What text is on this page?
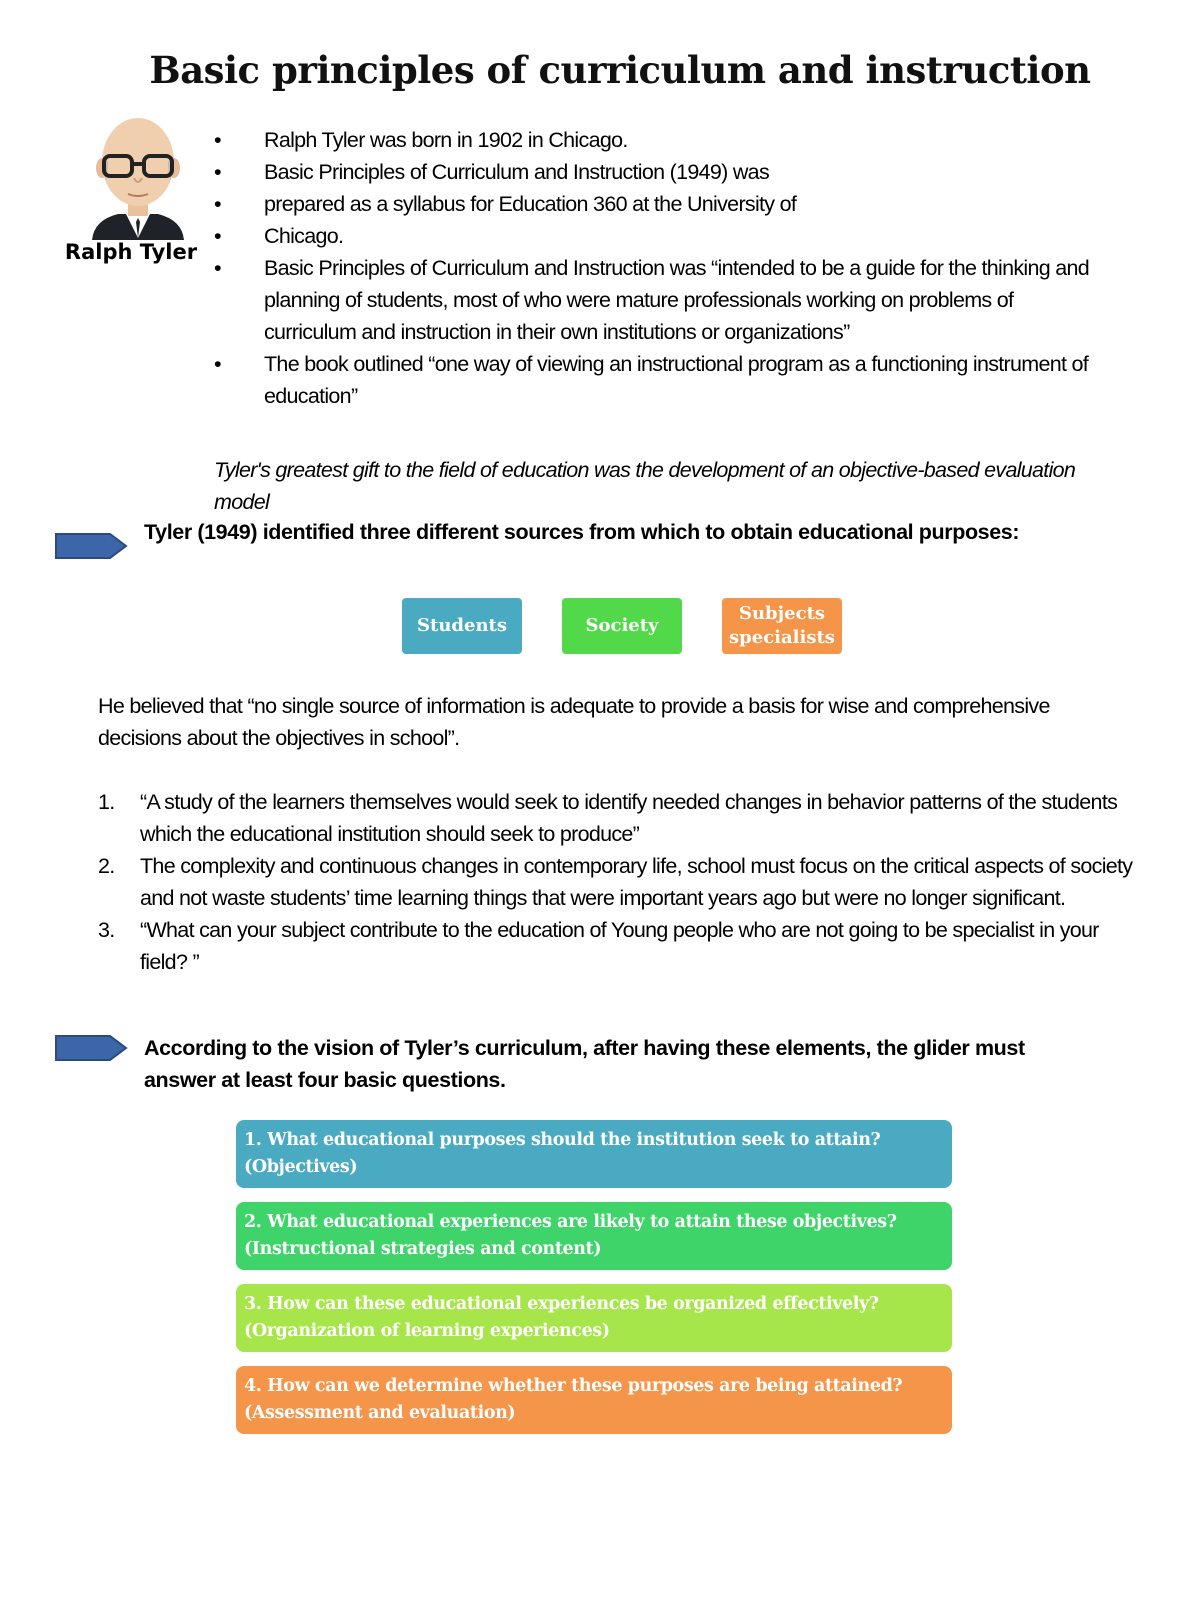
Basic principles of curriculum and instruction
Ralph Tyler
• Ralph Tyler was born in 1902 in Chicago.
• Basic Principles of Curriculum and Instruction (1949) was
• prepared as a syllabus for Education 360 at the University of
• Chicago.
• Basic Principles of Curriculum and Instruction was “intended to be a guide for the thinking and planning of students, most of who were mature professionals working on problems of curriculum and instruction in their own institutions or organizations”
• The book outlined “one way of viewing an instructional program as a functioning instrument of education”
Tyler's greatest gift to the field of education was the development of an objective-based evaluation model
Tyler (1949) identified three different sources from which to obtain educational purposes:
Students	Society
Subjects specialists
He believed that “no single source of information is adequate to provide a basis for wise and comprehensive decisions about the objectives in school”.
1. “A study of the learners themselves would seek to identify needed changes in behavior patterns of the students which the educational institution should seek to produce”
2. The complexity and continuous changes in contemporary life, school must focus on the critical aspects of society and not waste students’ time learning things that were important years ago but were no longer significant.
3. “What can your subject contribute to the education of Young people who are not going to be specialist in your field? ”
According to the vision of Tyler’s curriculum, after having these elements, the glider must answer at least four basic questions.
1. What educational purposes should the institution seek to attain? (Objectives)
2. What educational experiences are likely to attain these objectives? (Instructional strategies and content)
3. How can these educational experiences be organized effectively? (Organization of learning experiences)
4. How can we determine whether these purposes are being attained? (Assessment and evaluation)
